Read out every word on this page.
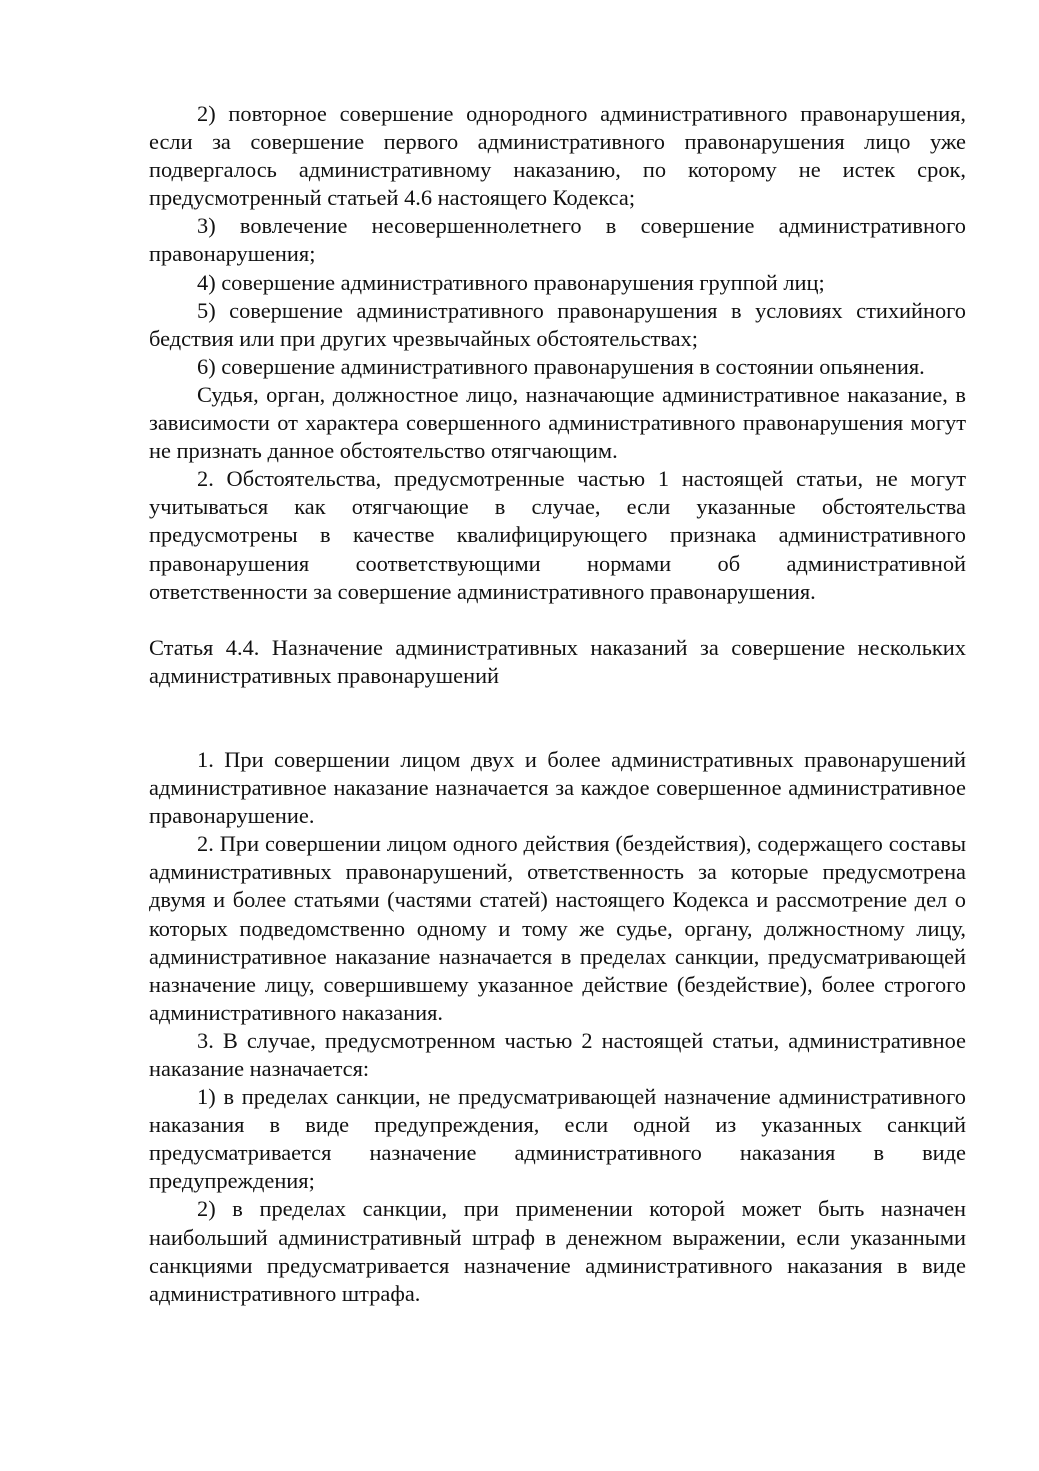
2) повторное совершение однородного административного правонарушения, если за совершение первого административного правонарушения лицо уже подвергалось административному наказанию, по которому не истек срок, предусмотренный статьей 4.6 настоящего Кодекса;

3) вовлечение несовершеннолетнего в совершение административного правонарушения;

4) совершение административного правонарушения группой лиц;

5) совершение административного правонарушения в условиях стихийного бедствия или при других чрезвычайных обстоятельствах;

6) совершение административного правонарушения в состоянии опьянения.

Судья, орган, должностное лицо, назначающие административное наказание, в зависимости от характера совершенного административного правонарушения могут не признать данное обстоятельство отягчающим.

2. Обстоятельства, предусмотренные частью 1 настоящей статьи, не могут учитываться как отягчающие в случае, если указанные обстоятельства предусмотрены в качестве квалифицирующего признака административного правонарушения соответствующими нормами об административной ответственности за совершение административного правонарушения.

Статья 4.4. Назначение административных наказаний за совершение нескольких административных правонарушений

1. При совершении лицом двух и более административных правонарушений административное наказание назначается за каждое совершенное административное правонарушение.

2. При совершении лицом одного действия (бездействия), содержащего составы административных правонарушений, ответственность за которые предусмотрена двумя и более статьями (частями статей) настоящего Кодекса и рассмотрение дел о которых подведомственно одному и тому же судье, органу, должностному лицу, административное наказание назначается в пределах санкции, предусматривающей назначение лицу, совершившему указанное действие (бездействие), более строгого административного наказания.

3. В случае, предусмотренном частью 2 настоящей статьи, административное наказание назначается:

1) в пределах санкции, не предусматривающей назначение административного наказания в виде предупреждения, если одной из указанных санкций предусматривается назначение административного наказания в виде предупреждения;

2) в пределах санкции, при применении которой может быть назначен наибольший административный штраф в денежном выражении, если указанными санкциями предусматривается назначение административного наказания в виде административного штрафа.
